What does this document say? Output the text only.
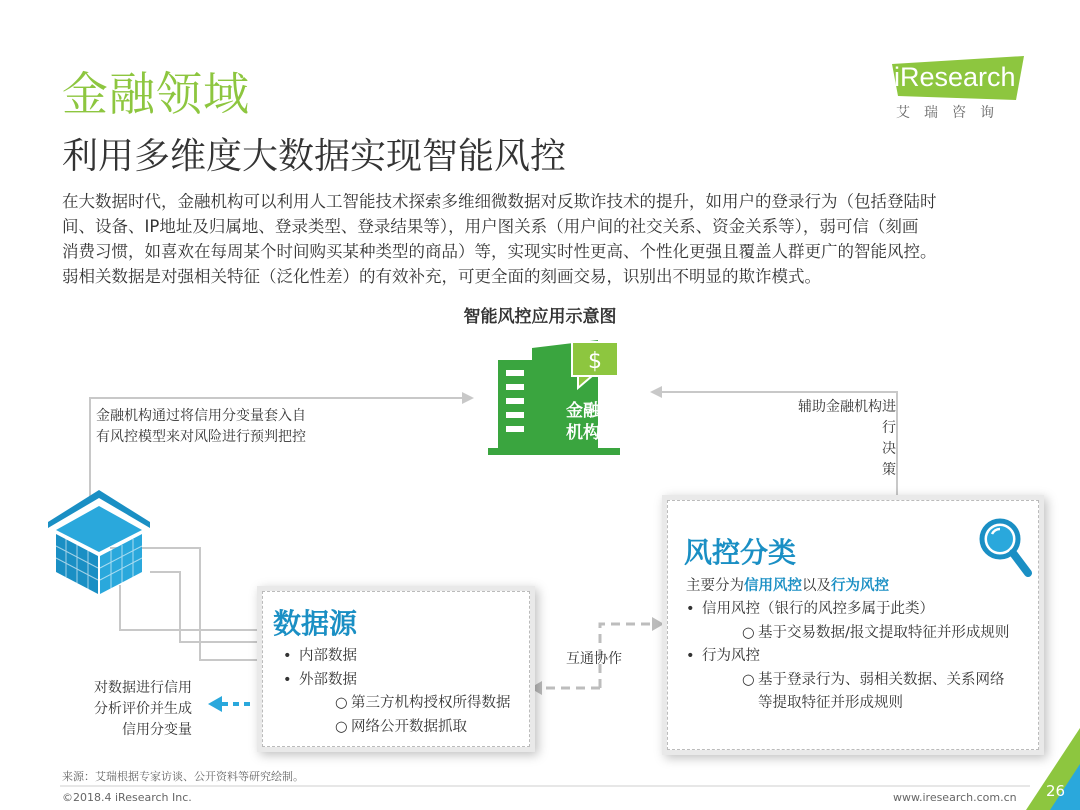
金融领域
利用多维度大数据实现智能风控
iResearch
艾瑞咨询

在大数据时代，金融机构可以利用人工智能技术探索多维细微数据对反欺诈技术的提升，如用户的登录行为（包括登陆时

间、设备、IP地址及归属地、登录类型、登录结果等），用户图关系（用户间的社交关系、资金关系等），弱可信（刻画

消费习惯，如喜欢在每周某个时间购买某种类型的商品）等，实现实时性更高、个性化更强且覆盖人群更广的智能风控。

弱相关数据是对强相关特征（泛化性差）的有效补充，可更全面的刻画交易，识别出不明显的欺诈模式。

智能风控应用示意图
$
金融
机构
金融机构通过将信用分变量套入自
有风控模型来对风险进行预判把控
辅助金融机构进
行
决
策
对数据进行信用
分析评价并生成
信用分变量
互通协作
数据源
• 内部数据
• 外部数据
○ 第三方机构授权所得数据
○ 网络公开数据抓取
风控分类
主要分为信用风控以及行为风控
• 信用风控（银行的风控多属于此类）
○ 基于交易数据/报文提取特征并形成规则
• 行为风控
○ 基于登录行为、弱相关数据、关系网络
等提取特征并形成规则
来源：艾瑞根据专家访谈、公开资料等研究绘制。
©2018.4 iResearch Inc.	www.iresearch.com.cn 26
